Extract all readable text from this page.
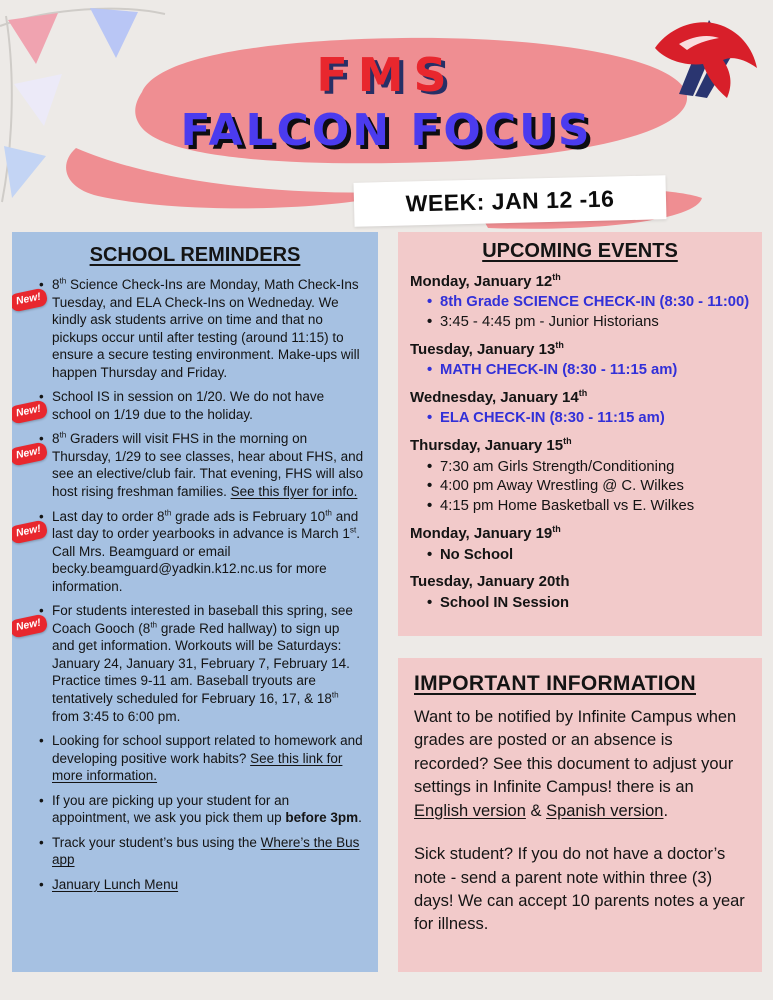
FMS
FALCON FOCUS
WEEK: JAN 12 -16
SCHOOL REMINDERS
• New!
8th Science Check-Ins are Monday, Math Check-Ins Tuesday, and ELA Check-Ins on Wedneday. We kindly ask students arrive on time and that no pickups occur until after testing (around 11:15) to ensure a secure testing environment. Make-ups will happen Thursday and Friday.
• New!
School IS in session on 1/20. We do not have school on 1/19 due to the holiday.
• New!
8th Graders will visit FHS in the morning on Thursday, 1/29 to see classes, hear about FHS, and see an elective/club fair. That evening, FHS will also host rising freshman families. See this flyer for info.
• New!
Last day to order 8th grade ads is February 10th and last day to order yearbooks in advance is March 1st. Call Mrs. Beamguard or email becky.beamguard@yadkin.k12.nc.us for more information.
• New!
For students interested in baseball this spring, see Coach Gooch (8th grade Red hallway) to sign up and get information. Workouts will be Saturdays: January 24, January 31, February 7, February 14. Practice times 9-11 am. Baseball tryouts are tentatively scheduled for February 16, 17, & 18th from 3:45 to 6:00 pm.
• Looking for school support related to homework and developing positive work habits? See this link for more information.
• If you are picking up your student for an appointment, we ask you pick them up before 3pm.
• Track your student’s bus using the Where’s the Bus app
• January Lunch Menu
UPCOMING EVENTS
Monday, January 12th
• 8th Grade SCIENCE CHECK-IN (8:30 - 11:00)
• 3:45 - 4:45 pm - Junior Historians
Tuesday, January 13th
• MATH CHECK-IN (8:30 - 11:15 am)
Wednesday, January 14th
• ELA CHECK-IN (8:30 - 11:15 am)
Thursday, January 15th
• 7:30 am Girls Strength/Conditioning
• 4:00 pm Away Wrestling @ C. Wilkes
• 4:15 pm Home Basketball vs E. Wilkes
Monday, January 19th
• No School
Tuesday, January 20th
• School IN Session
IMPORTANT INFORMATION

Want to be notified by Infinite Campus when grades are posted or an absence is recorded? See this document to adjust your settings in Infinite Campus! there is an English version & Spanish version.

Sick student? If you do not have a doctor’s note - send a parent note within three (3) days! We can accept 10 parents notes a year for illness.
